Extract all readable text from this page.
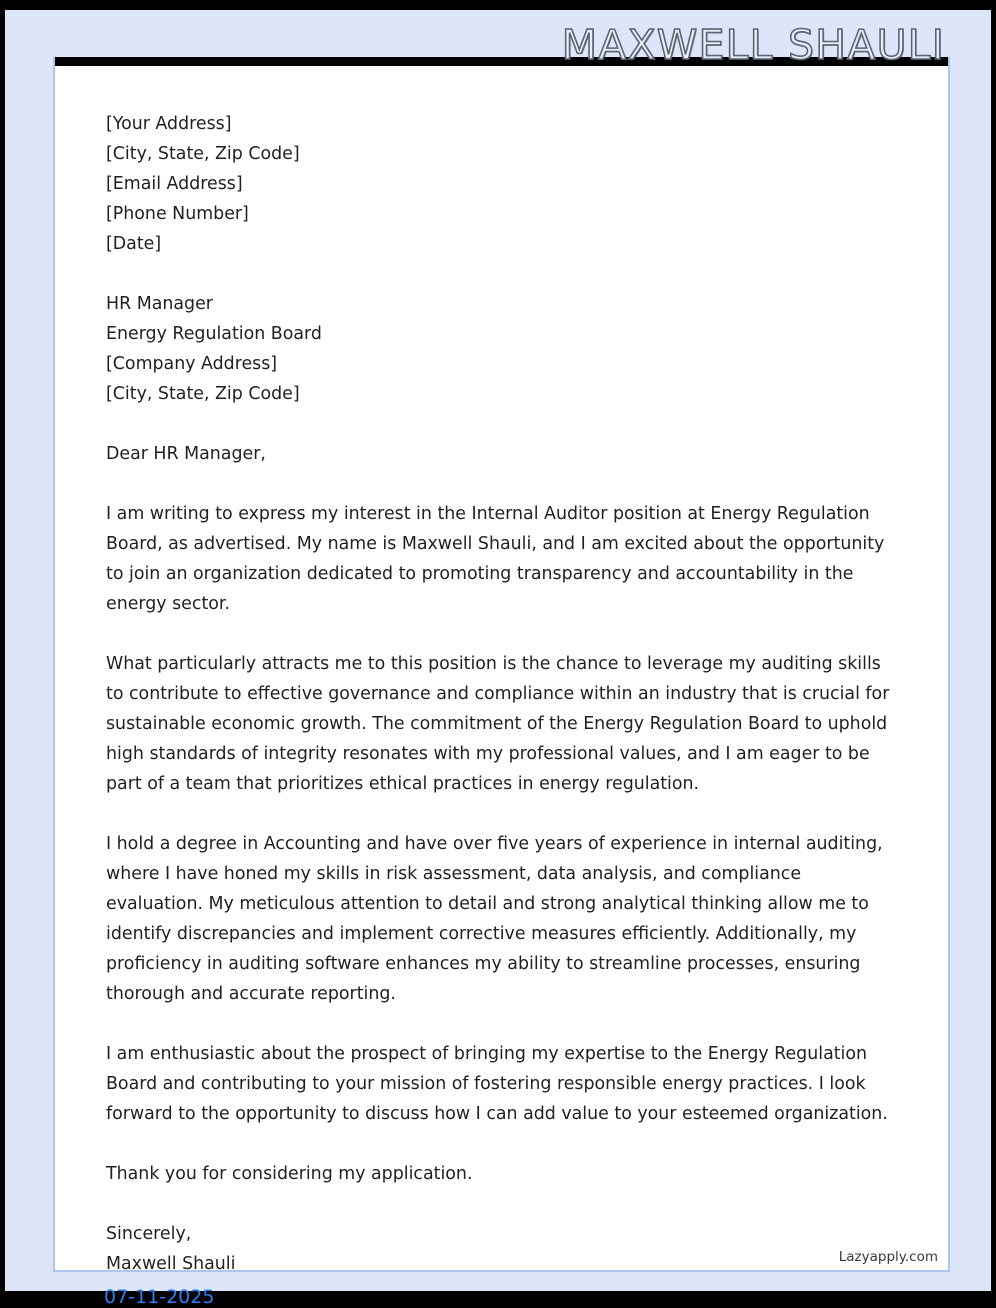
MAXWELL SHAULI
[Your Address]
[City, State, Zip Code]
[Email Address]
[Phone Number]
[Date]
HR Manager
Energy Regulation Board
[Company Address]
[City, State, Zip Code]

Dear HR Manager,

I am writing to express my interest in the Internal Auditor position at Energy Regulation Board, as advertised. My name is Maxwell Shauli, and I am excited about the opportunity to join an organization dedicated to promoting transparency and accountability in the energy sector.

What particularly attracts me to this position is the chance to leverage my auditing skills to contribute to effective governance and compliance within an industry that is crucial for sustainable economic growth. The commitment of the Energy Regulation Board to uphold high standards of integrity resonates with my professional values, and I am eager to be part of a team that prioritizes ethical practices in energy regulation.

I hold a degree in Accounting and have over five years of experience in internal auditing, where I have honed my skills in risk assessment, data analysis, and compliance evaluation. My meticulous attention to detail and strong analytical thinking allow me to identify discrepancies and implement corrective measures efficiently. Additionally, my proficiency in auditing software enhances my ability to streamline processes, ensuring thorough and accurate reporting.

I am enthusiastic about the prospect of bringing my expertise to the Energy Regulation Board and contributing to your mission of fostering responsible energy practices. I look forward to the opportunity to discuss how I can add value to your esteemed organization.

Thank you for considering my application.

Sincerely,
Maxwell Shauli	Lazyapply.com
07-11-2025
